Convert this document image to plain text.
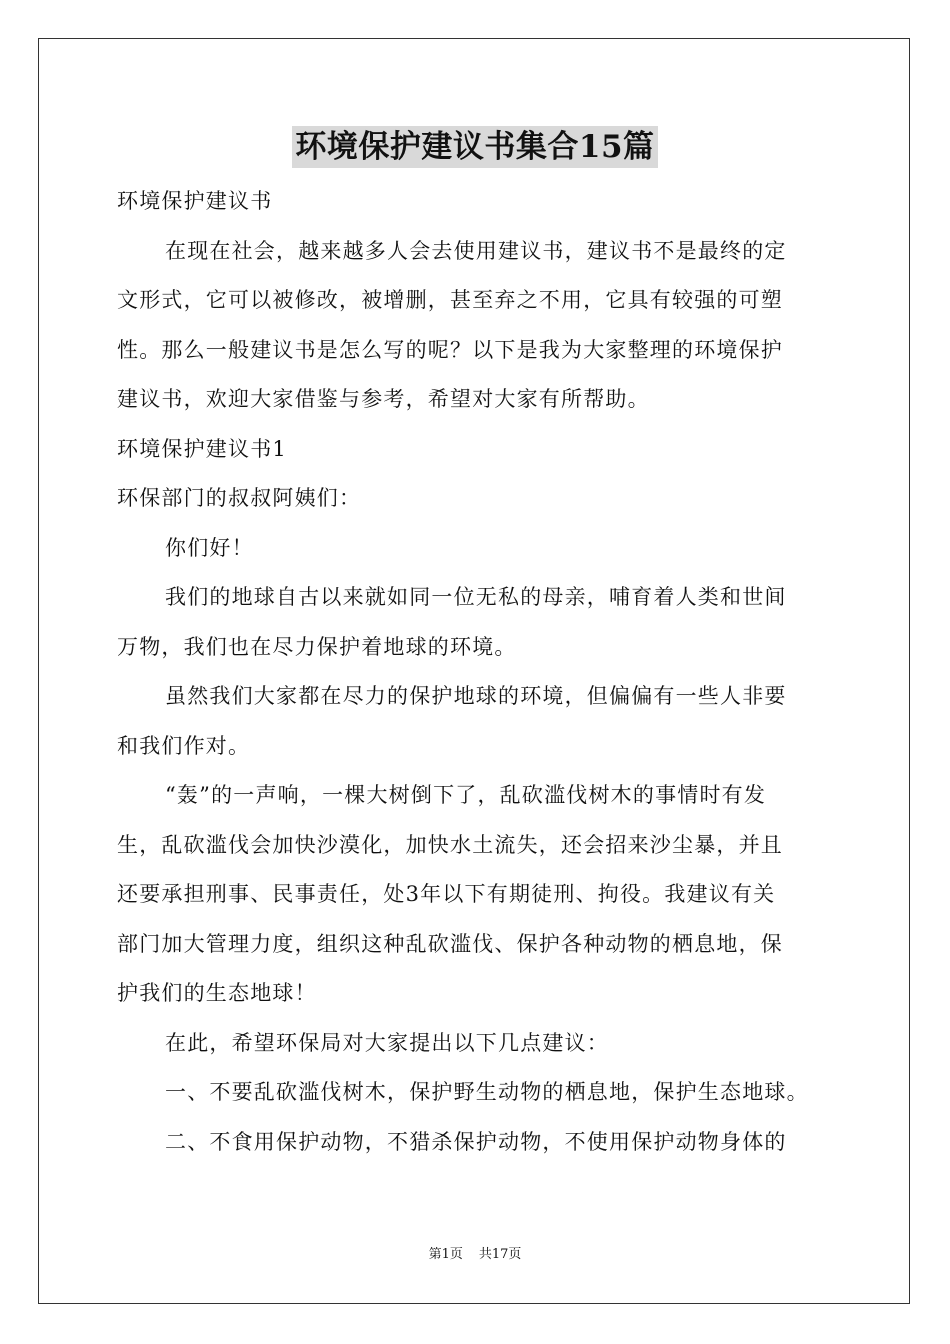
环境保护建议书集合15篇
环境保护建议书
在现在社会，越来越多人会去使用建议书，建议书不是最终的定
文形式，它可以被修改，被增删，甚至弃之不用，它具有较强的可塑
性。那么一般建议书是怎么写的呢？以下是我为大家整理的环境保护
建议书，欢迎大家借鉴与参考，希望对大家有所帮助。
环境保护建议书1
环保部门的叔叔阿姨们：
你们好！
我们的地球自古以来就如同一位无私的母亲，哺育着人类和世间
万物，我们也在尽力保护着地球的环境。
虽然我们大家都在尽力的保护地球的环境，但偏偏有一些人非要
和我们作对。
“轰”的一声响，一棵大树倒下了，乱砍滥伐树木的事情时有发
生，乱砍滥伐会加快沙漠化，加快水土流失，还会招来沙尘暴，并且
还要承担刑事、民事责任，处3年以下有期徒刑、拘役。我建议有关
部门加大管理力度，组织这种乱砍滥伐、保护各种动物的栖息地，保
护我们的生态地球！
在此，希望环保局对大家提出以下几点建议：
一、不要乱砍滥伐树木，保护野生动物的栖息地，保护生态地球。
二、不食用保护动物，不猎杀保护动物，不使用保护动物身体的
第1页 共17页
